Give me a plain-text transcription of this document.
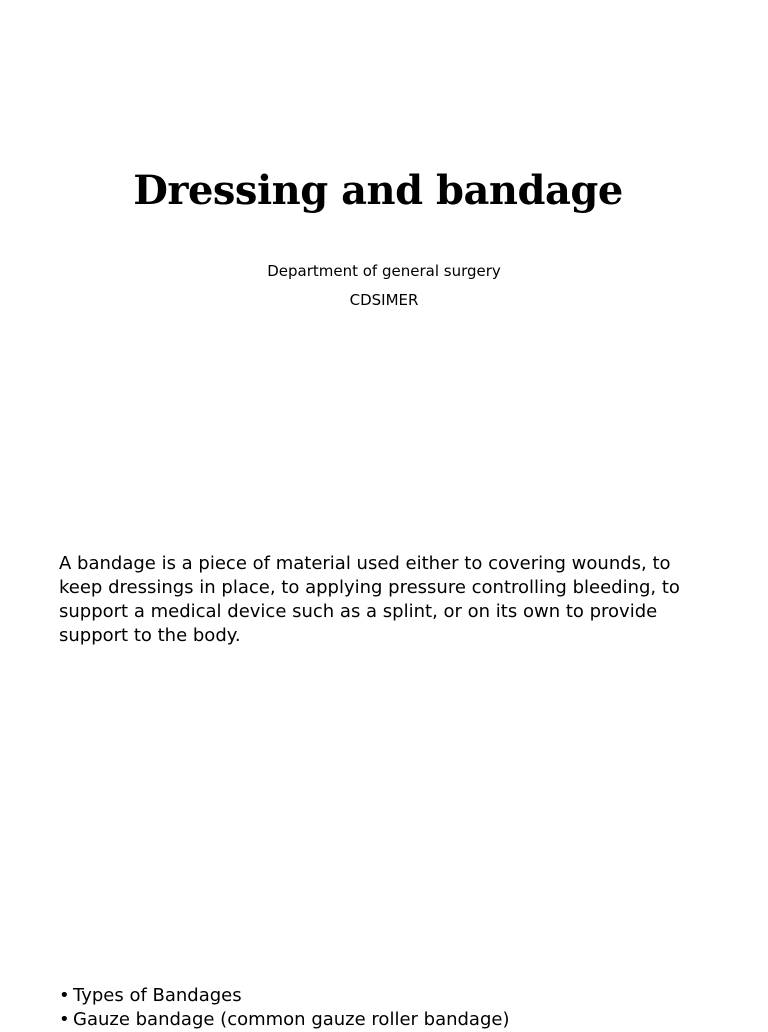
Dressing and bandage

Department of general surgery

CDSIMER

A bandage is a piece of material used either to covering wounds, to keep dressings in place, to applying pressure controlling bleeding, to support a medical device such as a splint, or on its own to provide support to the body.

• Types of Bandages
• Gauze bandage (common gauze roller bandage)
